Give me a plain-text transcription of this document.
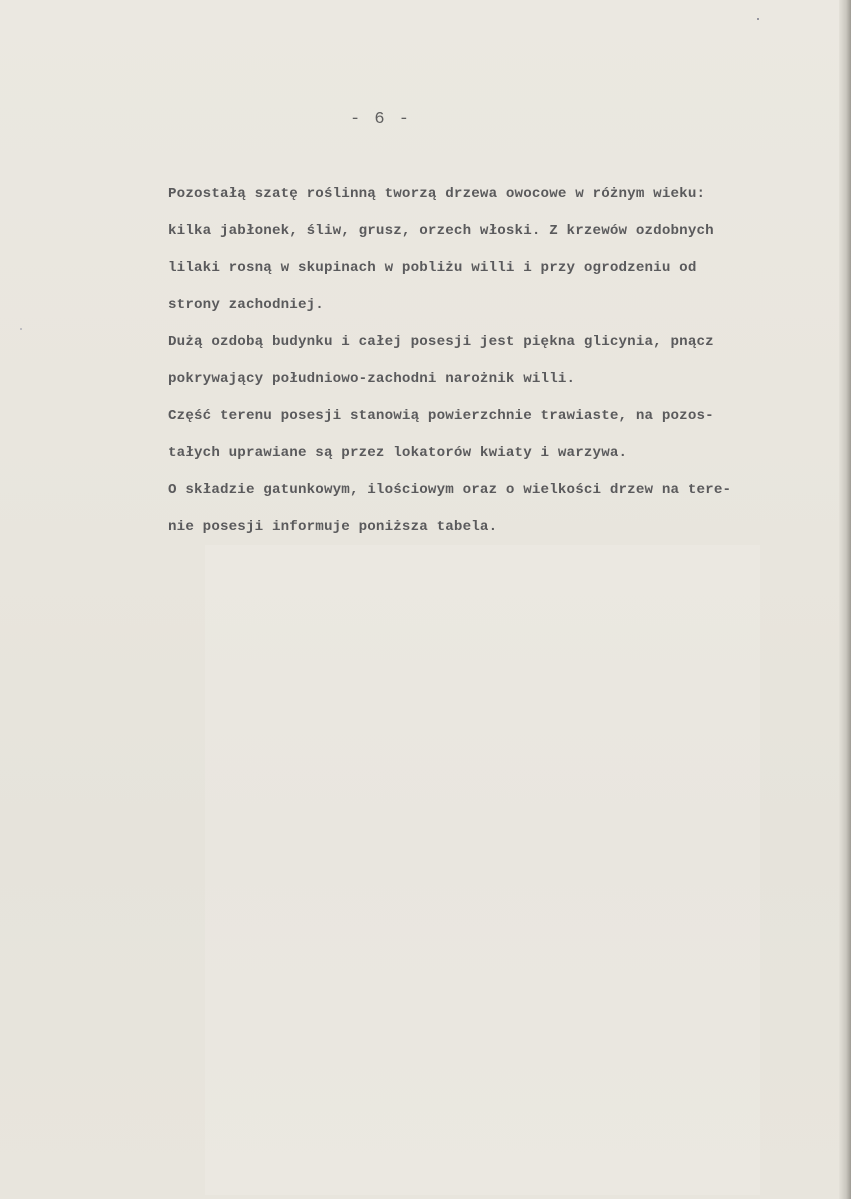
- 6 -
Pozostałą szatę roślinną tworzą drzewa owocowe w różnym wieku:
kilka jabłonek, śliw, grusz, orzech włoski. Z krzewów ozdobnych
lilaki rosną w skupinach w pobliżu willi i przy ogrodzeniu od
strony zachodniej.
Dużą ozdobą budynku i całej posesji jest piękna glicynia, pnącz
pokrywający południowo-zachodni narożnik willi.
Część terenu posesji stanowią powierzchnie trawiaste, na pozos-
tałych uprawiane są przez lokatorów kwiaty i warzywa.
O składzie gatunkowym, ilościowym oraz o wielkości drzew na tere-
nie posesji informuje poniższa tabela.
